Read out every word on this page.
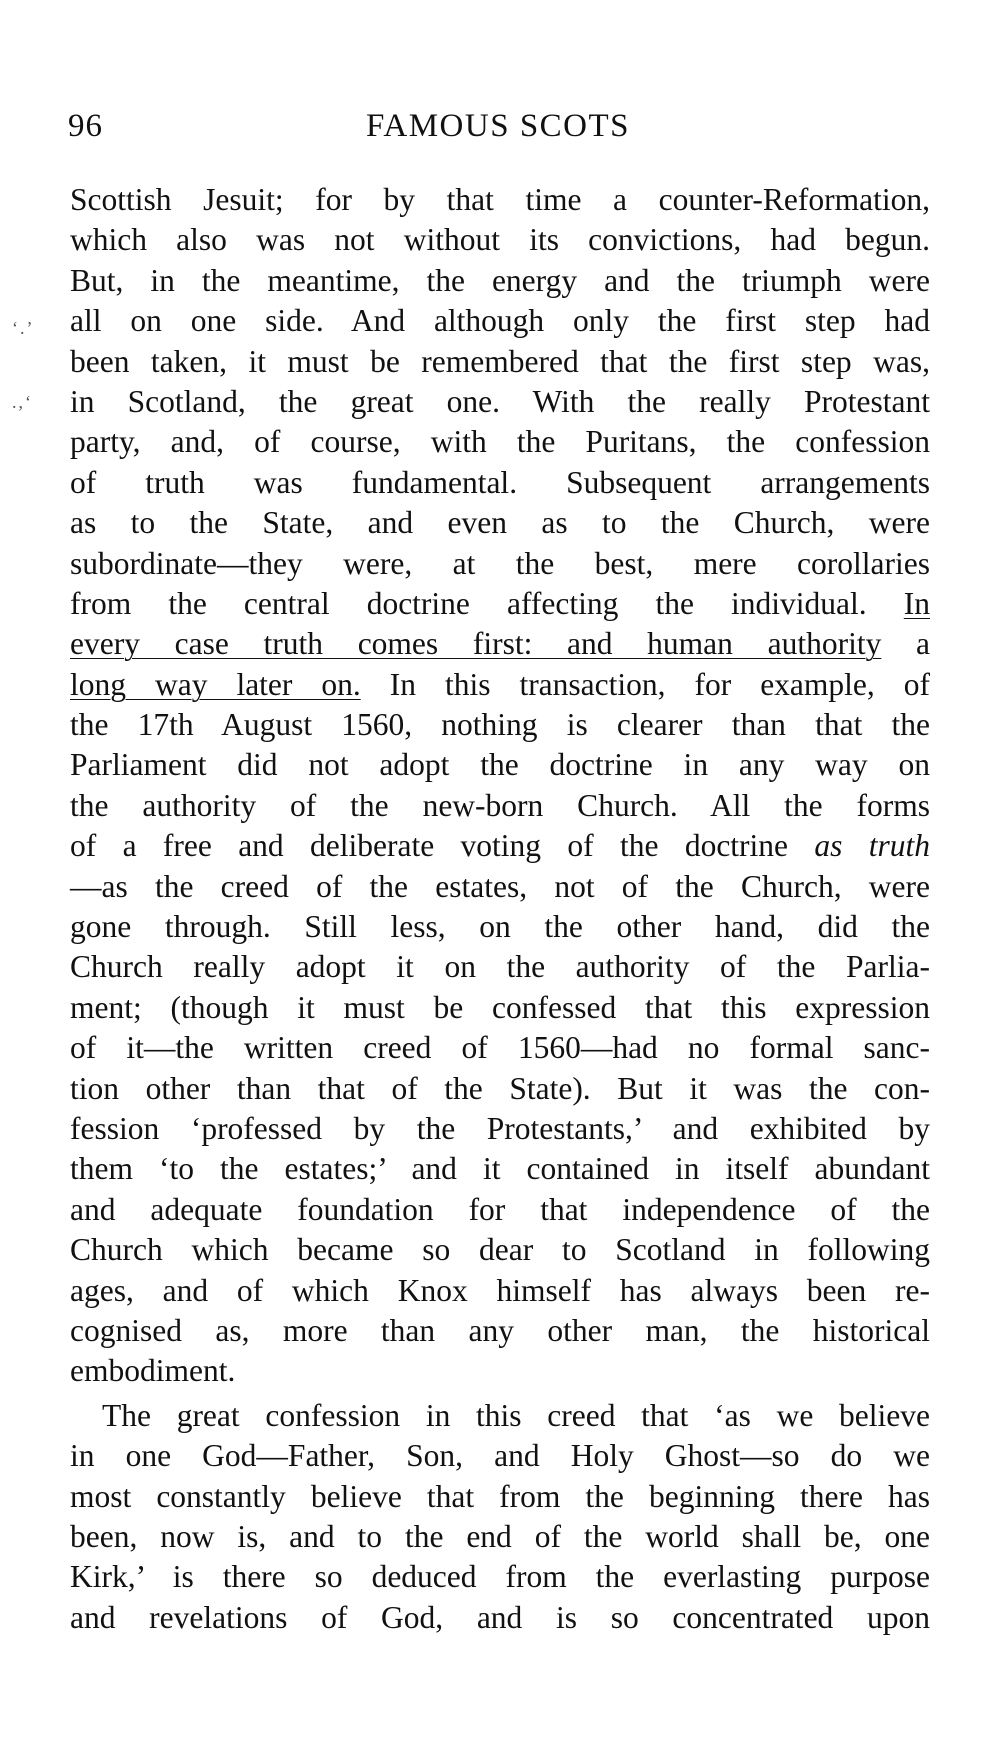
96	FAMOUS SCOTS
‘.’
.,‘
Scottish Jesuit; for by that time a counter-Reformation,
which also was not without its convictions, had begun.
But, in the meantime, the energy and the triumph were
all on one side. And although only the first step had
been taken, it must be remembered that the first step was,
in Scotland, the great one. With the really Protestant
party, and, of course, with the Puritans, the confession
of truth was fundamental. Subsequent arrangements
as to the State, and even as to the Church, were
subordinate—they were, at the best, mere corollaries
from the central doctrine affecting the individual. In
every case truth comes first: and human authority a
long way later on. In this transaction, for example, of
the 17th August 1560, nothing is clearer than that the
Parliament did not adopt the doctrine in any way on
the authority of the new-born Church. All the forms
of a free and deliberate voting of the doctrine as truth
—as the creed of the estates, not of the Church, were
gone through. Still less, on the other hand, did the
Church really adopt it on the authority of the Parlia-
ment; (though it must be confessed that this expression
of it—the written creed of 1560—had no formal sanc-
tion other than that of the State). But it was the con-
fession ‘professed by the Protestants,’ and exhibited by
them ‘to the estates;’ and it contained in itself abundant
and adequate foundation for that independence of the
Church which became so dear to Scotland in following
ages, and of which Knox himself has always been re-
cognised as, more than any other man, the historical
embodiment.
The great confession in this creed that ‘as we believe
in one God—Father, Son, and Holy Ghost—so do we
most constantly believe that from the beginning there has
been, now is, and to the end of the world shall be, one
Kirk,’ is there so deduced from the everlasting purpose
and revelations of God, and is so concentrated upon
